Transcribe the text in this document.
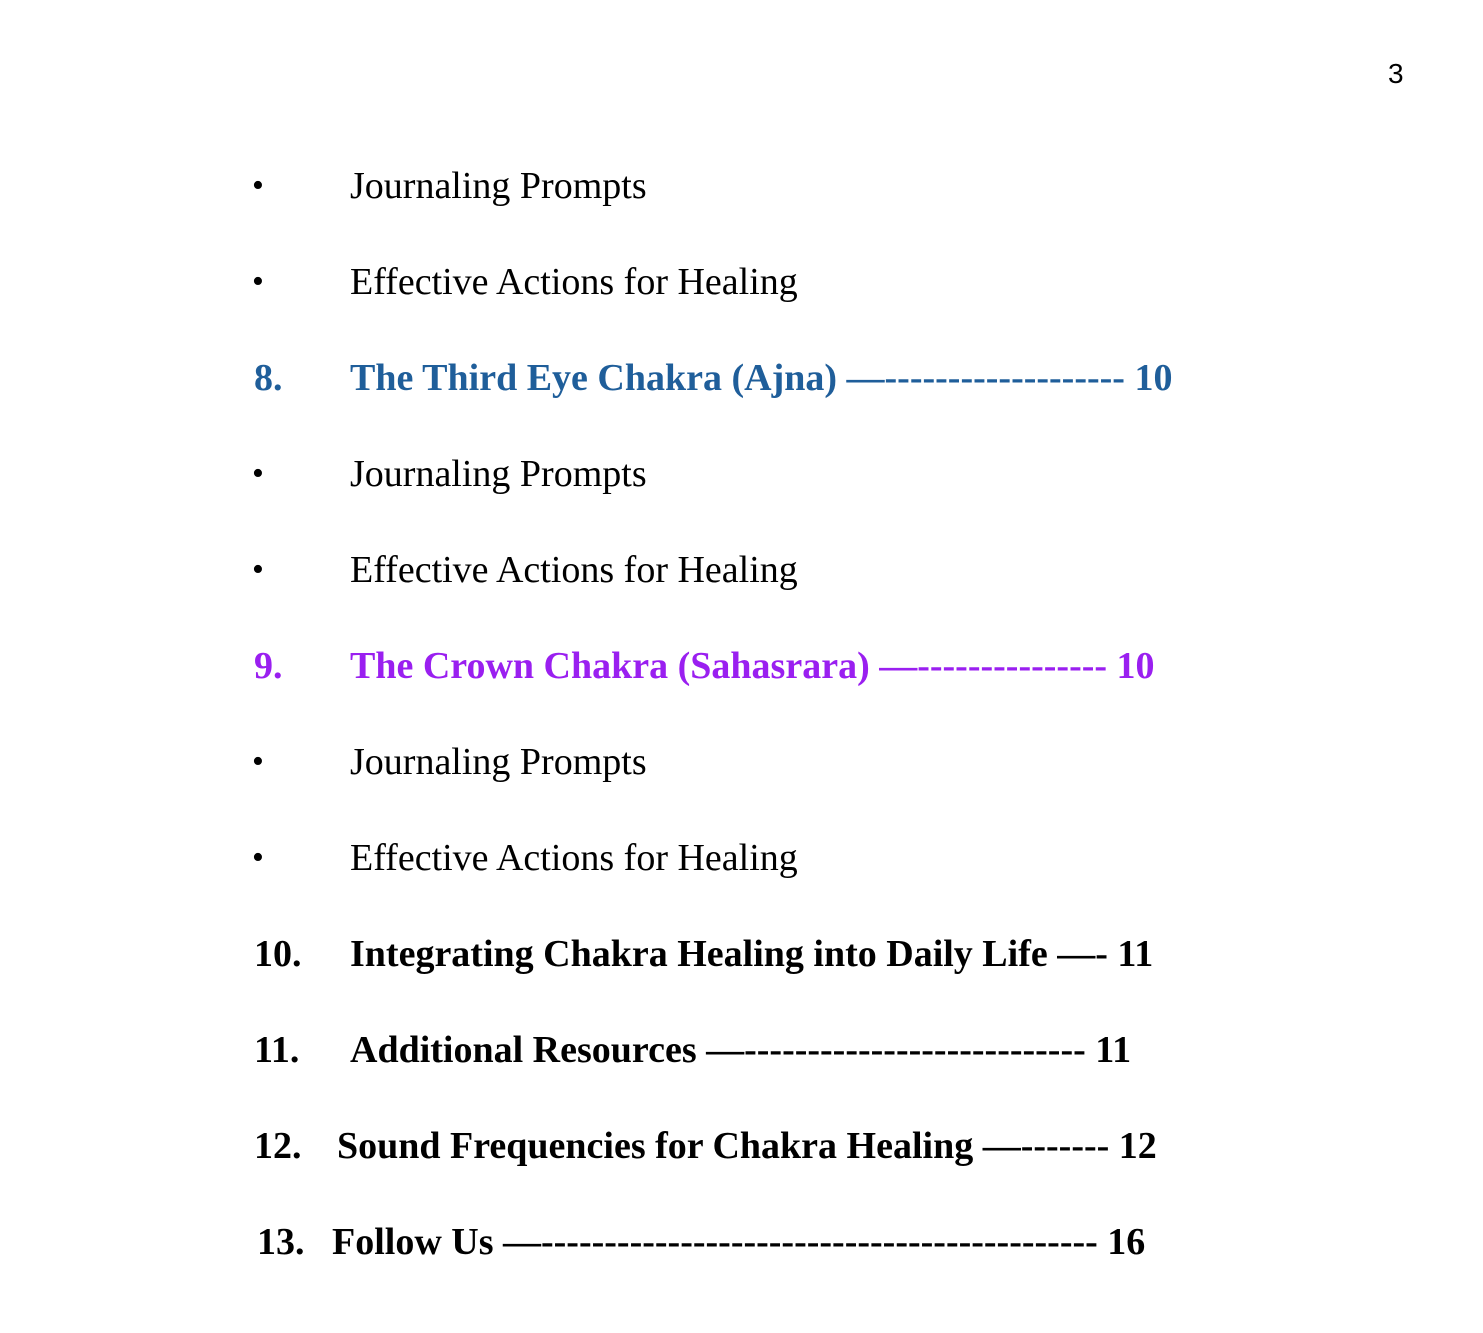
3
• Journaling Prompts
• Effective Actions for Healing
8. The Third Eye Chakra (Ajna) —------------------- 10
• Journaling Prompts
• Effective Actions for Healing
9. The Crown Chakra (Sahasrara) —--------------- 10
• Journaling Prompts
• Effective Actions for Healing
10. Integrating Chakra Healing into Daily Life —- 11
11. Additional Resources —--------------------------- 11
12. Sound Frequencies for Chakra Healing —------- 12
13. Follow Us —-------------------------------------------- 16
